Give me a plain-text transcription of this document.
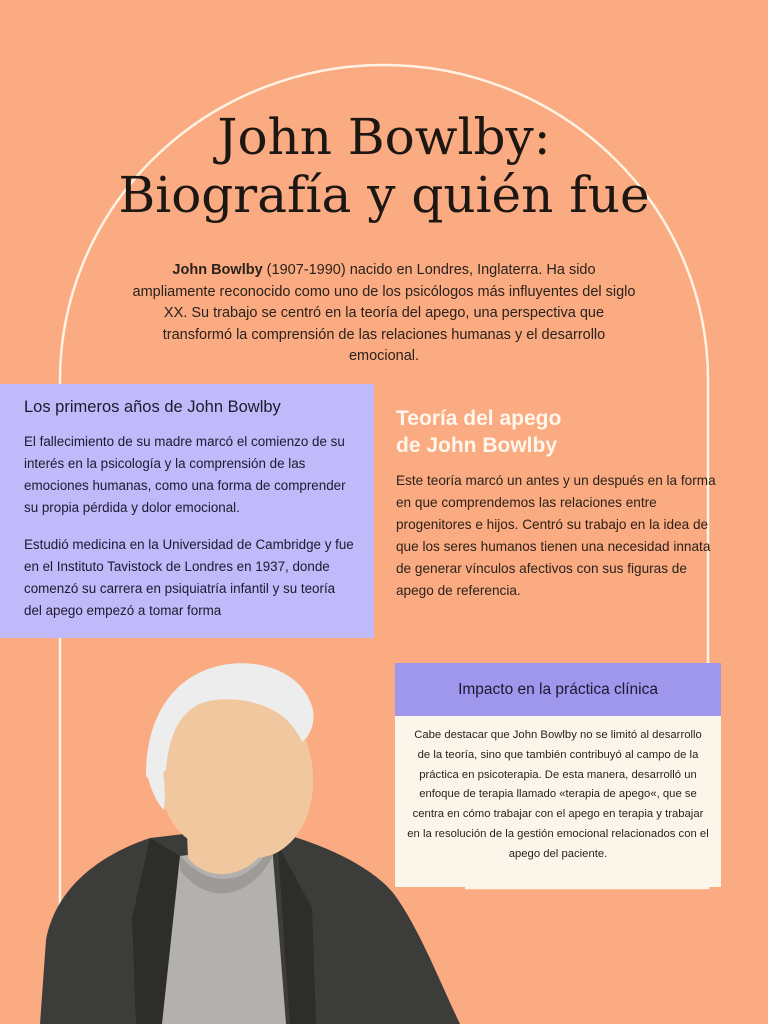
John Bowlby:
Biografía y quién fue

John Bowlby (1907-1990) nacido en Londres, Inglaterra. Ha sido ampliamente reconocido como uno de los psicólogos más influyentes del siglo XX. Su trabajo se centró en la teoría del apego, una perspectiva que transformó la comprensión de las relaciones humanas y el desarrollo emocional.

Los primeros años de John Bowlby

El fallecimiento de su madre marcó el comienzo de su interés en la psicología y la comprensión de las emociones humanas, como una forma de comprender su propia pérdida y dolor emocional.

Estudió medicina en la Universidad de Cambridge y fue en el Instituto Tavistock de Londres en 1937, donde comenzó su carrera en psiquiatría infantil y su teoría del apego empezó a tomar forma

Teoría del apego
de John Bowlby

Este teoría marcó un antes y un después en la forma en que comprendemos las relaciones entre progenitores e hijos. Centró su trabajo en la idea de que los seres humanos tienen una necesidad innata de generar vínculos afectivos con sus figuras de apego de referencia.

Impacto en la práctica clínica

Cabe destacar que John Bowlby no se limitó al desarrollo de la teoría, sino que también contribuyó al campo de la práctica en psicoterapia. De esta manera, desarrolló un enfoque de terapia llamado «terapia de apego«, que se centra en cómo trabajar con el apego en terapia y trabajar en la resolución de la gestión emocional relacionados con el apego del paciente.
